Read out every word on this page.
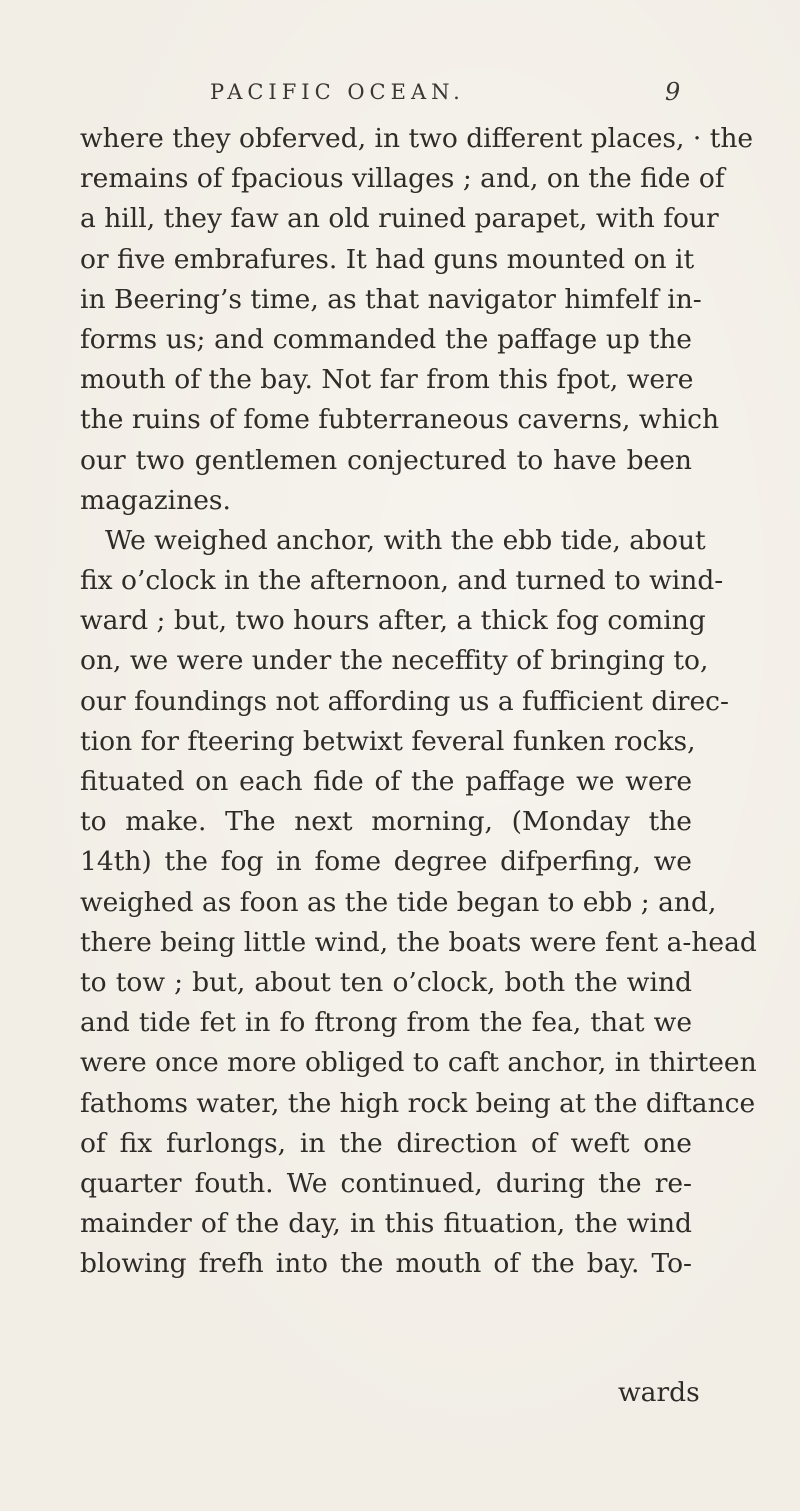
PACIFIC OCEAN.	9
where they obferved, in two different places, · the
remains of fpacious villages ; and, on the fide of
a hill, they faw an old ruined parapet, with four
or five embrafures. It had guns mounted on it
in Beering’s time, as that navigator himfelf in-
forms us; and commanded the paffage up the
mouth of the bay. Not far from this fpot, were
the ruins of fome fubterraneous caverns, which
our two gentlemen conjectured to have been
magazines.
We weighed anchor, with the ebb tide, about
fix o’clock in the afternoon, and turned to wind-
ward ; but, two hours after, a thick fog coming
on, we were under the neceffity of bringing to,
our foundings not affording us a fufficient direc-
tion for fteering betwixt feveral funken rocks,
fituated on each fide of the paffage we were
to make. The next morning, (Monday the
14th) the fog in fome degree difperfing, we
weighed as foon as the tide began to ebb ; and,
there being little wind, the boats were fent a-head
to tow ; but, about ten o’clock, both the wind
and tide fet in fo ftrong from the fea, that we
were once more obliged to caft anchor, in thirteen
fathoms water, the high rock being at the diftance
of fix furlongs, in the direction of weft one
quarter fouth. We continued, during the re-
mainder of the day, in this fituation, the wind
blowing frefh into the mouth of the bay. To-
wards
